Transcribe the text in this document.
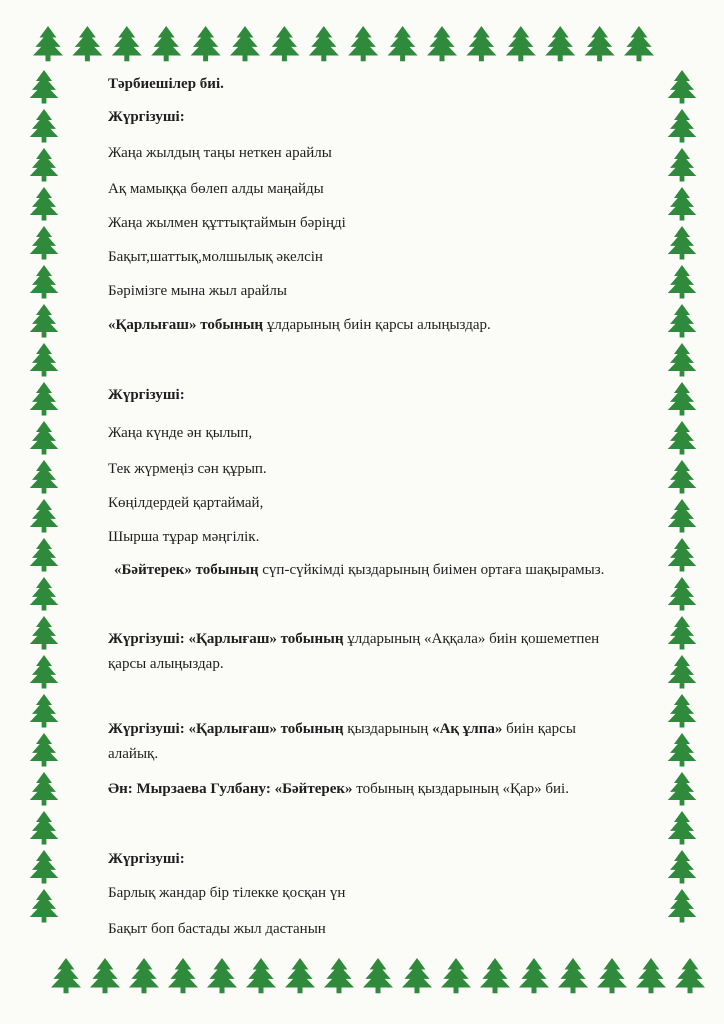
Тәрбиешілер биі.

Жүргізуші:

Жаңа жылдың таңы неткен арайлы

Ақ мамыққа бөлеп алды маңайды

Жаңа жылмен құттықтаймын бәріңді

Бақыт,шаттық,молшылық әкелсін

Бәрімізге мына жыл арайлы

«Қарлығаш» тобының ұлдарының биін қарсы алыңыздар.

Жүргізуші:

Жаңа күнде ән қылып,

Тек жүрмеңіз сән құрып.

Көңілдердей қартаймай,

Шырша тұрар мәңгілік.

«Бәйтерек» тобының сүп-сүйкімді қыздарының биімен ортаға шақырамыз.

Жүргізуші: «Қарлығаш» тобының ұлдарының «Аққала» биін қошеметпен

қарсы алыңыздар.

Жүргізуші: «Қарлығаш» тобының қыздарының «Ақ ұлпа» биін қарсы

алайық.

Ән: Мырзаева Гулбану: «Бәйтерек» тобының қыздарының «Қар» биі.

Жүргізуші:

Барлық жандар бір тілекке қосқан үн

Бақыт боп бастады жыл дастанын
